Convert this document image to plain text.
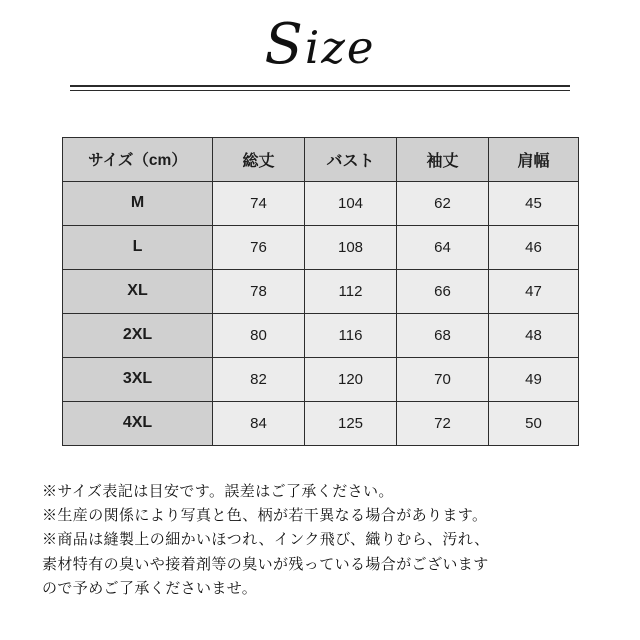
Size
サイズ（cm）	総丈	バスト	袖丈	肩幅
M	74	104	62	45
L	76	108	64	46
XL	78	112	66	47
2XL	80	116	68	48
3XL	82	120	70	49
4XL	84	125	72	50

※サイズ表記は目安です。誤差はご了承ください。

※生産の関係により写真と色、柄が若干異なる場合があります。

※商品は縫製上の細かいほつれ、インク飛び、織りむら、汚れ、

素材特有の臭いや接着剤等の臭いが残っている場合がございます

ので予めご了承くださいませ。
